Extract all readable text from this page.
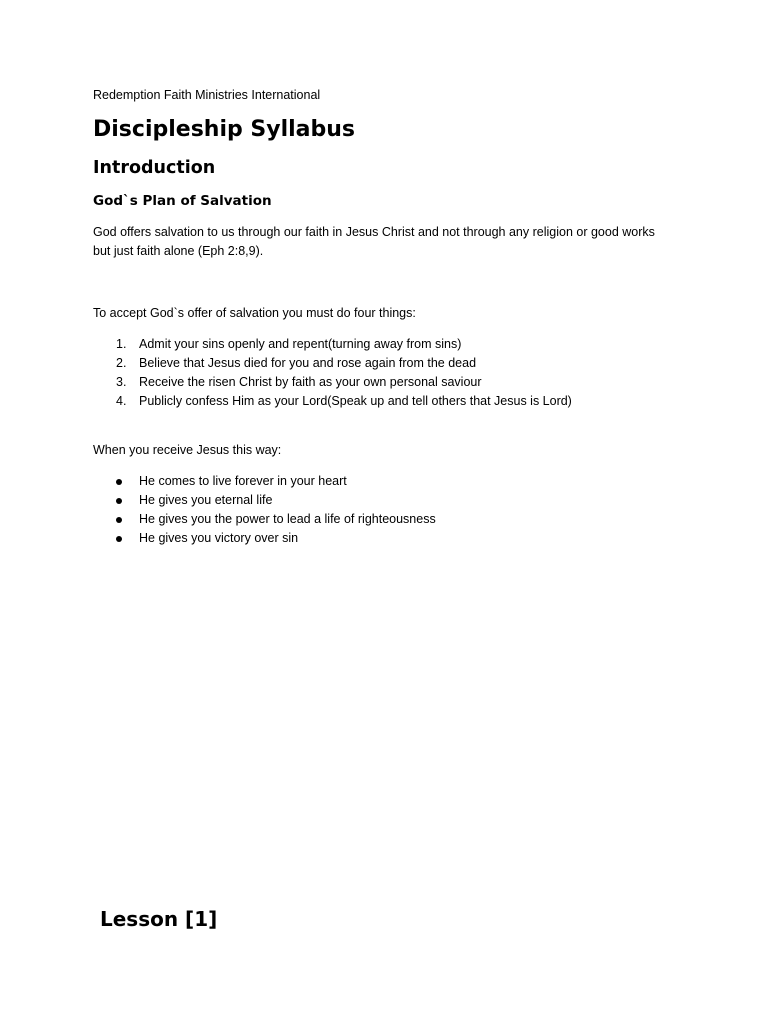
Redemption Faith Ministries International

Discipleship Syllabus
Introduction
God`s Plan of Salvation

God offers salvation to us through our faith in Jesus Christ and not through any religion or good works but just faith alone (Eph 2:8,9).

To accept God`s offer of salvation you must do four things:

1. Admit your sins openly and repent(turning away from sins)
2. Believe that Jesus died for you and rose again from the dead
3. Receive the risen Christ by faith as your own personal saviour
4. Publicly confess Him as your Lord(Speak up and tell others that Jesus is Lord)

When you receive Jesus this way:

He comes to live forever in your heart
He gives you eternal life
He gives you the power to lead a life of righteousness
He gives you victory over sin
Lesson [1]
